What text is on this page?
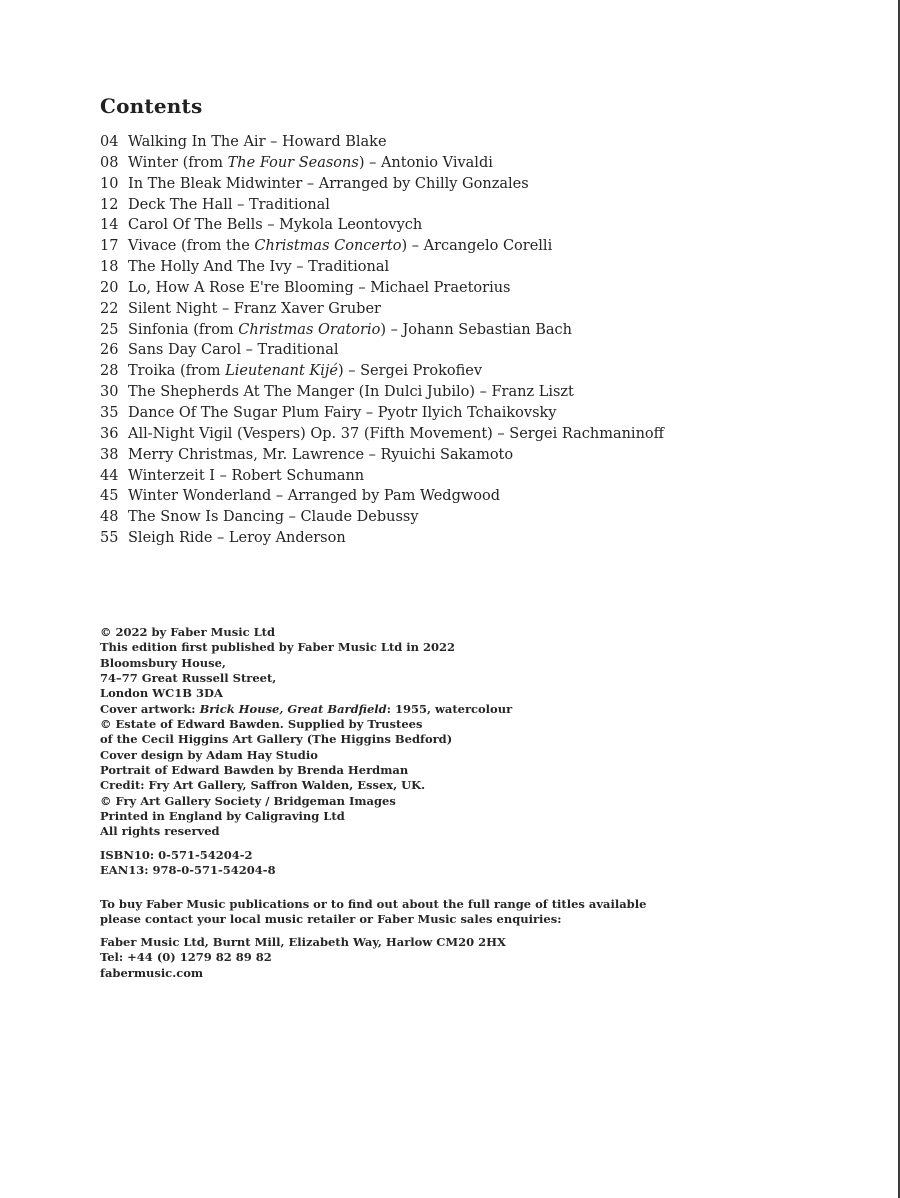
Contents
04 Walking In The Air – Howard Blake
08 Winter (from The Four Seasons) – Antonio Vivaldi
10 In The Bleak Midwinter – Arranged by Chilly Gonzales
12 Deck The Hall – Traditional
14 Carol Of The Bells – Mykola Leontovych
17 Vivace (from the Christmas Concerto) – Arcangelo Corelli
18 The Holly And The Ivy – Traditional
20 Lo, How A Rose E're Blooming – Michael Praetorius
22 Silent Night – Franz Xaver Gruber
25 Sinfonia (from Christmas Oratorio) – Johann Sebastian Bach
26 Sans Day Carol – Traditional
28 Troika (from Lieutenant Kijé) – Sergei Prokofiev
30 The Shepherds At The Manger (In Dulci Jubilo) – Franz Liszt
35 Dance Of The Sugar Plum Fairy – Pyotr Ilyich Tchaikovsky
36 All-Night Vigil (Vespers) Op. 37 (Fifth Movement) – Sergei Rachmaninoff
38 Merry Christmas, Mr. Lawrence – Ryuichi Sakamoto
44 Winterzeit I – Robert Schumann
45 Winter Wonderland – Arranged by Pam Wedgwood
48 The Snow Is Dancing – Claude Debussy
55 Sleigh Ride – Leroy Anderson
© 2022 by Faber Music Ltd
This edition first published by Faber Music Ltd in 2022
Bloomsbury House,
74–77 Great Russell Street,
London WC1B 3DA
Cover artwork: Brick House, Great Bardfield: 1955, watercolour
© Estate of Edward Bawden. Supplied by Trustees
of the Cecil Higgins Art Gallery (The Higgins Bedford)
Cover design by Adam Hay Studio
Portrait of Edward Bawden by Brenda Herdman
Credit: Fry Art Gallery, Saffron Walden, Essex, UK.
© Fry Art Gallery Society / Bridgeman Images
Printed in England by Caligraving Ltd
All rights reserved
ISBN10: 0-571-54204-2
EAN13: 978-0-571-54204-8
To buy Faber Music publications or to find out about the full range of titles available
please contact your local music retailer or Faber Music sales enquiries:
Faber Music Ltd, Burnt Mill, Elizabeth Way, Harlow CM20 2HX
Tel: +44 (0) 1279 82 89 82
fabermusic.com
